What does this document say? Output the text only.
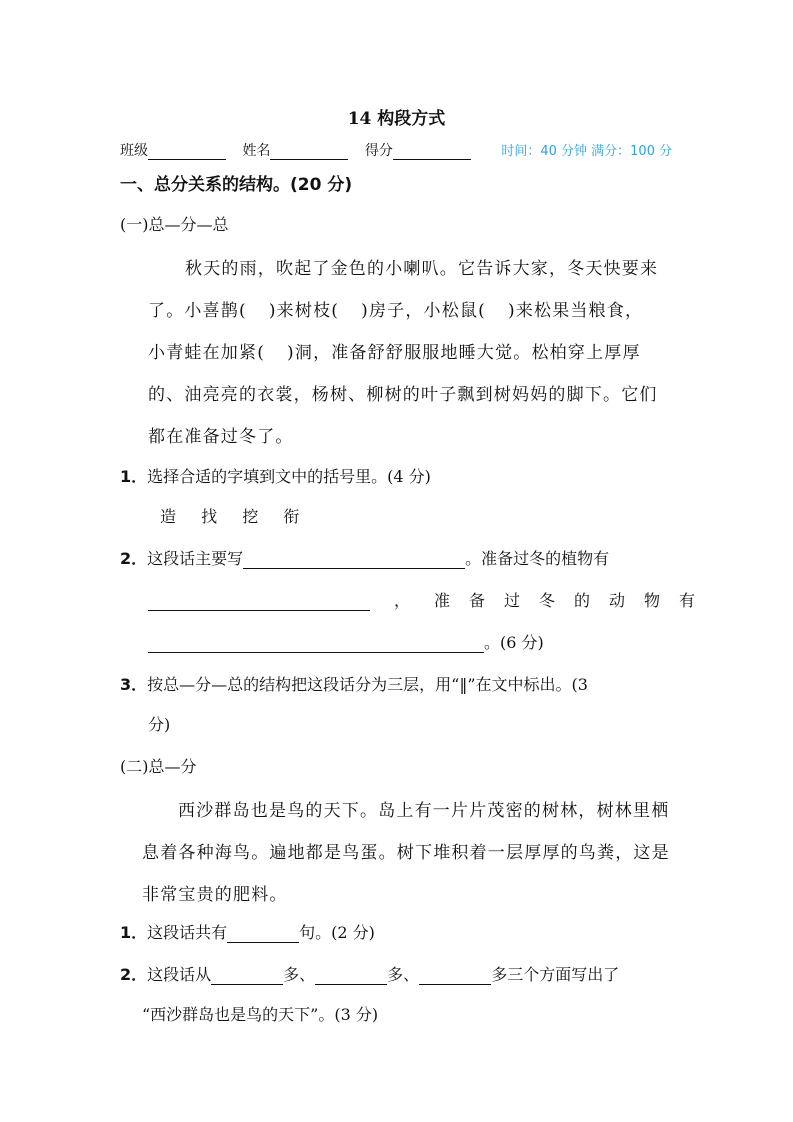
14 构段方式
班级	姓名	得分	时间：40 分钟 满分：100 分
一、总分关系的结构。(20 分)
(一)总—分—总
秋天的雨，吹起了金色的小喇叭。它告诉大家，冬天快要来
了。小喜鹊( )来树枝( )房子，小松鼠( )来松果当粮食，
小青蛙在加紧( )洞，准备舒舒服服地睡大觉。松柏穿上厚厚
的、油亮亮的衣裳，杨树、柳树的叶子飘到树妈妈的脚下。它们
都在准备过冬了。
1．选择合适的字填到文中的括号里。(4 分)
造 找 挖 衔
2．这段话主要写	。准备过冬的植物有
， 准备过冬的动物有
。(6 分)
3．按总—分—总的结构把这段话分为三层，用“‖”在文中标出。(3
分)
(二)总—分
西沙群岛也是鸟的天下。岛上有一片片茂密的树林，树林里栖
息着各种海鸟。遍地都是鸟蛋。树下堆积着一层厚厚的鸟粪，这是
非常宝贵的肥料。
1．这段话共有	句。(2 分)
2．这段话从	多、	多、	多三个方面写出了
“西沙群岛也是鸟的天下”。(3 分)
